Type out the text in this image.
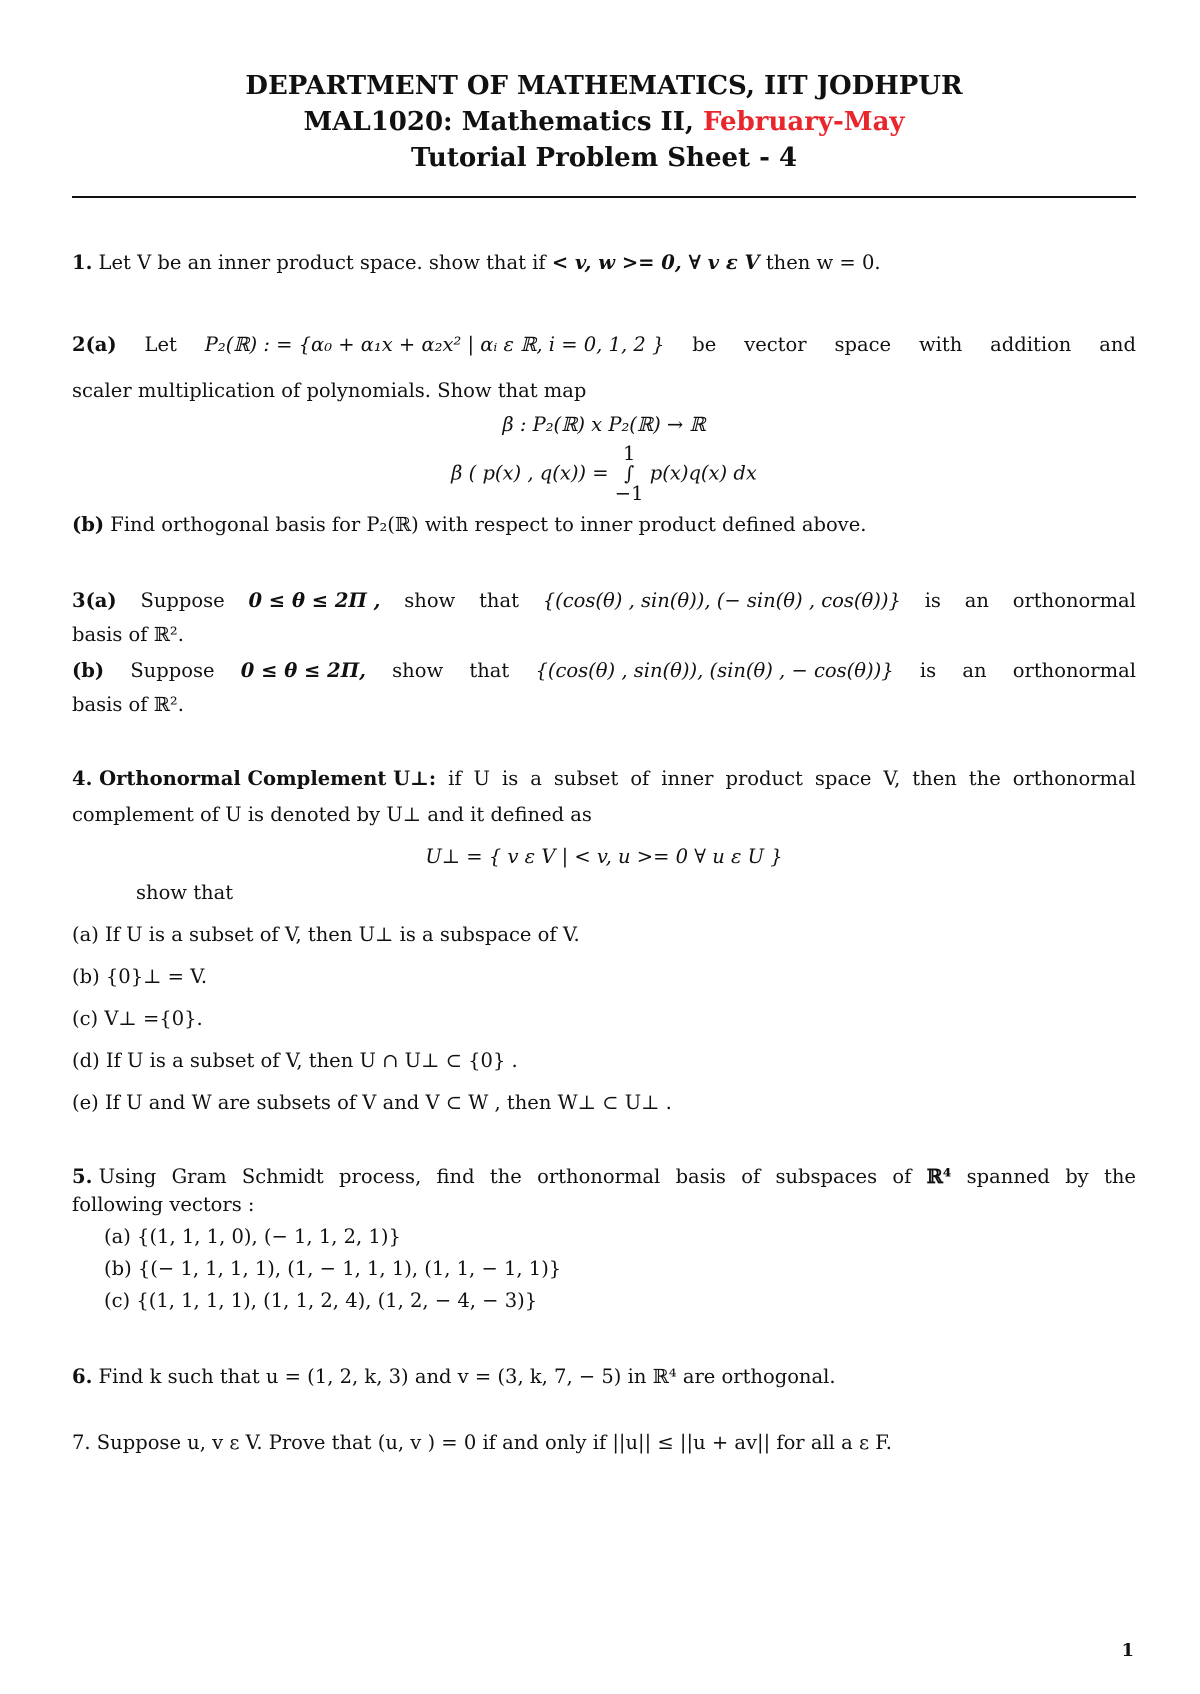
DEPARTMENT OF MATHEMATICS, IIT JODHPUR
MAL1020: Mathematics II, February-May
Tutorial Problem Sheet - 4
1. Let V be an inner product space. show that if < v, w >= 0, ∀ v ε V then w = 0.
2(a) Let P₂(ℝ) : = {α₀ + α₁x + α₂x² | αᵢ ε ℝ, i = 0, 1, 2 } be vector space with addition and
scaler multiplication of polynomials. Show that map
β : P₂(ℝ) x P₂(ℝ) → ℝ
β ( p(x) , q(x)) =
1
∫
−1
p(x)q(x) dx
(b) Find orthogonal basis for P₂(ℝ) with respect to inner product defined above.
3(a) Suppose 0 ≤ θ ≤ 2Π , show that {(cos(θ) , sin(θ)), (− sin(θ) , cos(θ))} is an orthonormal
basis of ℝ².
(b) Suppose 0 ≤ θ ≤ 2Π, show that {(cos(θ) , sin(θ)), (sin(θ) , − cos(θ))} is an orthonormal
basis of ℝ².
4. Orthonormal Complement U⊥: if U is a subset of inner product space V, then the orthonormal
complement of U is denoted by U⊥ and it defined as
U⊥ = { v ε V | < v, u >= 0 ∀ u ε U }
show that
(a) If U is a subset of V, then U⊥ is a subspace of V.
(b) {0}⊥ = V.
(c) V⊥ ={0}.
(d) If U is a subset of V, then U ∩ U⊥ ⊂ {0} .
(e) If U and W are subsets of V and V ⊂ W , then W⊥ ⊂ U⊥ .
5. Using Gram Schmidt process, find the orthonormal basis of subspaces of ℝ⁴ spanned by the
following vectors :
(a) {(1, 1, 1, 0), (− 1, 1, 2, 1)}
(b) {(− 1, 1, 1, 1), (1, − 1, 1, 1), (1, 1, − 1, 1)}
(c) {(1, 1, 1, 1), (1, 1, 2, 4), (1, 2, − 4, − 3)}
6. Find k such that u = (1, 2, k, 3) and v = (3, k, 7, − 5) in ℝ⁴ are orthogonal.
7. Suppose u, v ε V. Prove that (u, v ) = 0 if and only if ||u|| ≤ ||u + av|| for all a ε F.
1
